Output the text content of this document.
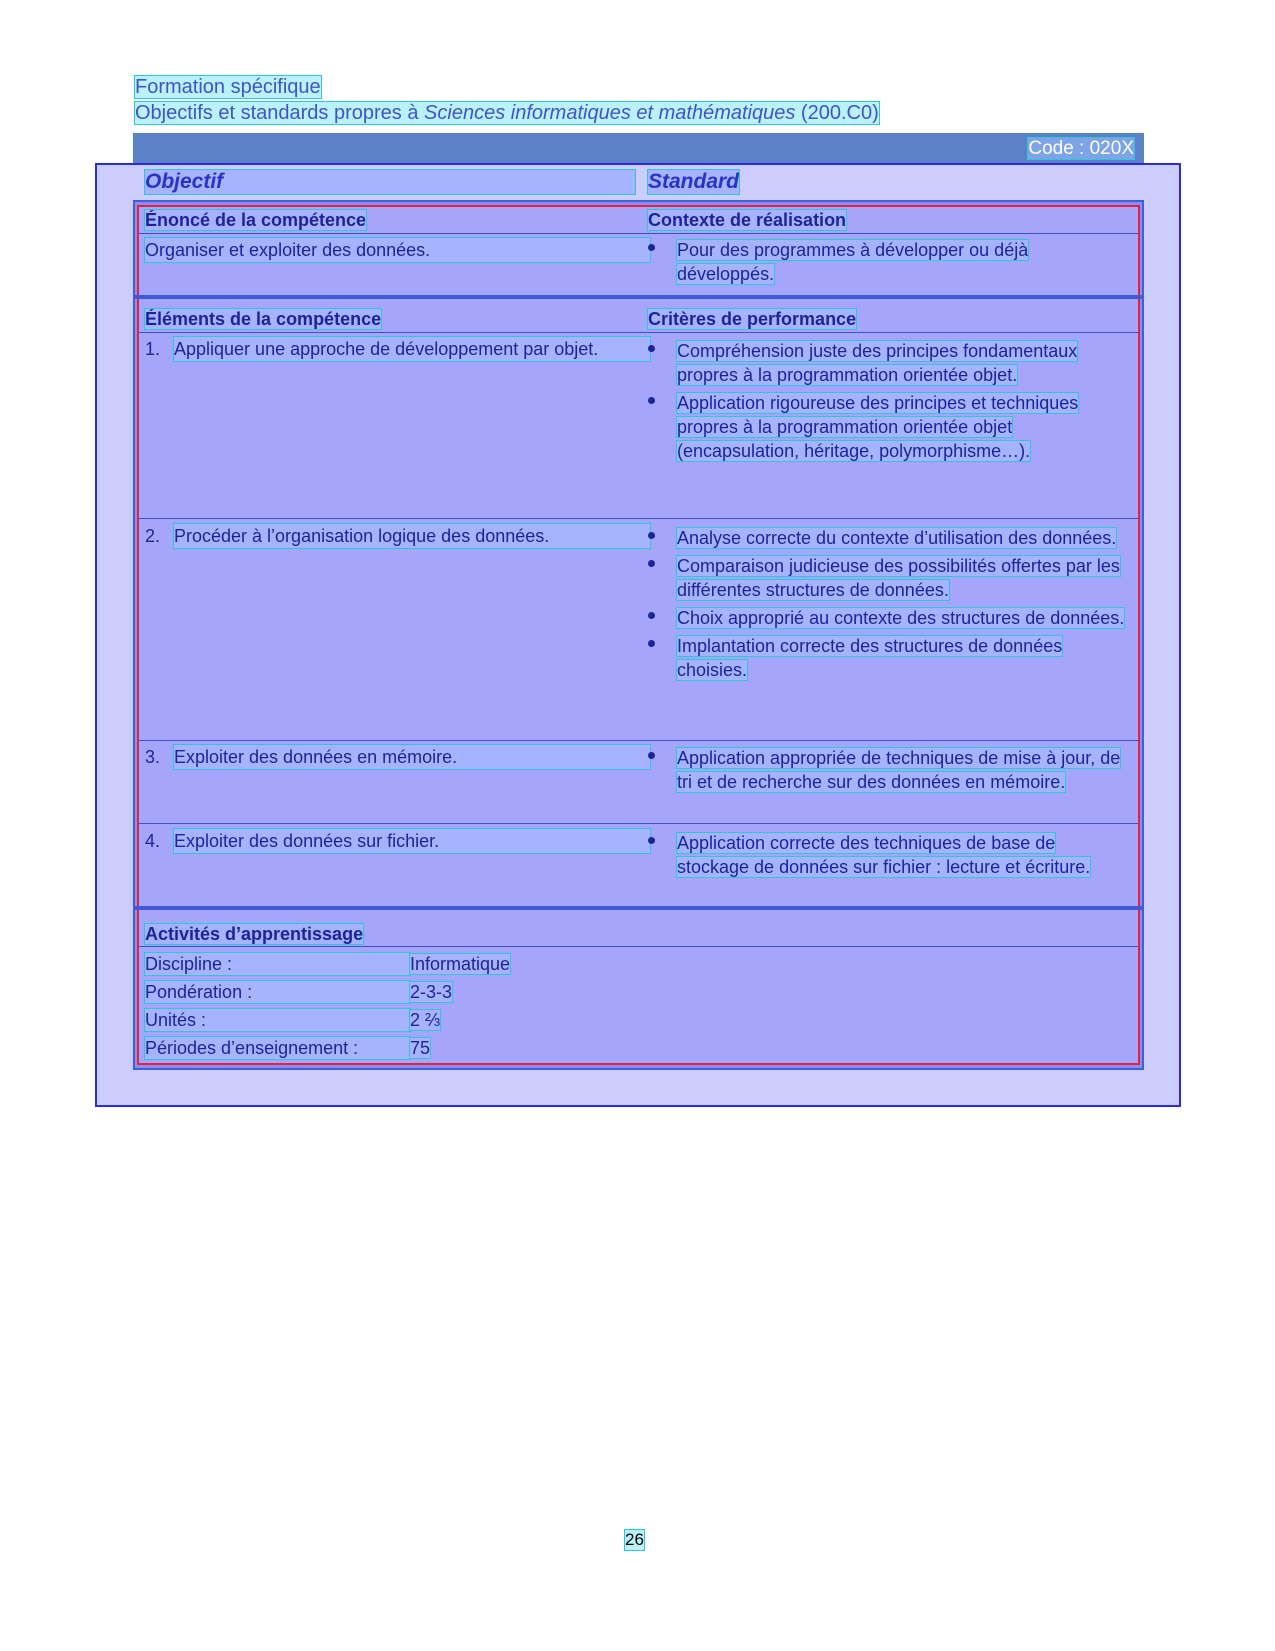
Formation spécifique
Objectifs et standards propres à Sciences informatiques et mathématiques (200.C0)
Code : 020X
Objectif	Standard
Énoncé de la compétence	Contexte de réalisation
Organiser et exploiter des données.	Pour des programmes à développer ou déjà développés.
Éléments de la compétence	Critères de performance
1. Appliquer une approche de développement par objet.	Compréhension juste des principes fondamentaux propres à la programmation orientée objet.
Application rigoureuse des principes et techniques propres à la programmation orientée objet (encapsulation, héritage, polymorphisme…).
2. Procéder à l’organisation logique des données.	Analyse correcte du contexte d’utilisation des données.
Comparaison judicieuse des possibilités offertes par les différentes structures de données.
Choix approprié au contexte des structures de données.
Implantation correcte des structures de données choisies.
3. Exploiter des données en mémoire.	Application appropriée de techniques de mise à jour, de tri et de recherche sur des données en mémoire.
4. Exploiter des données sur fichier.	Application correcte des techniques de base de stockage de données sur fichier : lecture et écriture.
Activités d’apprentissage
Discipline :	Informatique
Pondération :	2-3-3
Unités :	2 ⅔
Périodes d’enseignement :	75
26
